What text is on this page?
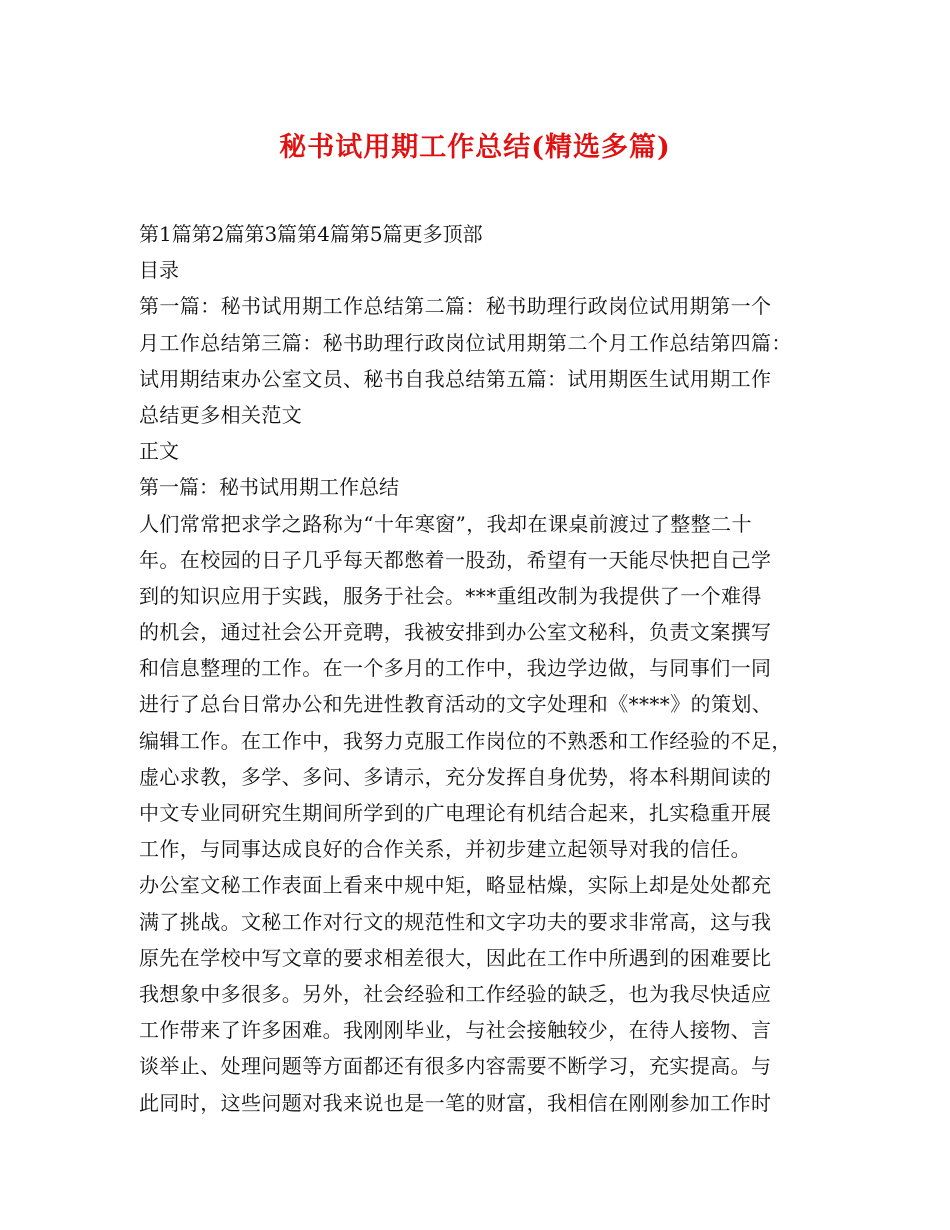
秘书试用期工作总结(精选多篇)
第1篇第2篇第3篇第4篇第5篇更多顶部
目录
第一篇：秘书试用期工作总结第二篇：秘书助理行政岗位试用期第一个
月工作总结第三篇：秘书助理行政岗位试用期第二个月工作总结第四篇：
试用期结束办公室文员、秘书自我总结第五篇：试用期医生试用期工作
总结更多相关范文
正文
第一篇：秘书试用期工作总结
人们常常把求学之路称为“十年寒窗”，我却在课桌前渡过了整整二十
年。在校园的日子几乎每天都憋着一股劲，希望有一天能尽快把自己学
到的知识应用于实践，服务于社会。***重组改制为我提供了一个难得
的机会，通过社会公开竞聘，我被安排到办公室文秘科，负责文案撰写
和信息整理的工作。在一个多月的工作中，我边学边做，与同事们一同
进行了总台日常办公和先进性教育活动的文字处理和《****》的策划、
编辑工作。在工作中，我努力克服工作岗位的不熟悉和工作经验的不足，
虚心求教，多学、多问、多请示，充分发挥自身优势，将本科期间读的
中文专业同研究生期间所学到的广电理论有机结合起来，扎实稳重开展
工作，与同事达成良好的合作关系，并初步建立起领导对我的信任。
办公室文秘工作表面上看来中规中矩，略显枯燥，实际上却是处处都充
满了挑战。文秘工作对行文的规范性和文字功夫的要求非常高，这与我
原先在学校中写文章的要求相差很大，因此在工作中所遇到的困难要比
我想象中多很多。另外，社会经验和工作经验的缺乏，也为我尽快适应
工作带来了许多困难。我刚刚毕业，与社会接触较少，在待人接物、言
谈举止、处理问题等方面都还有很多内容需要不断学习，充实提高。与
此同时，这些问题对我来说也是一笔的财富，我相信在刚刚参加工作时
